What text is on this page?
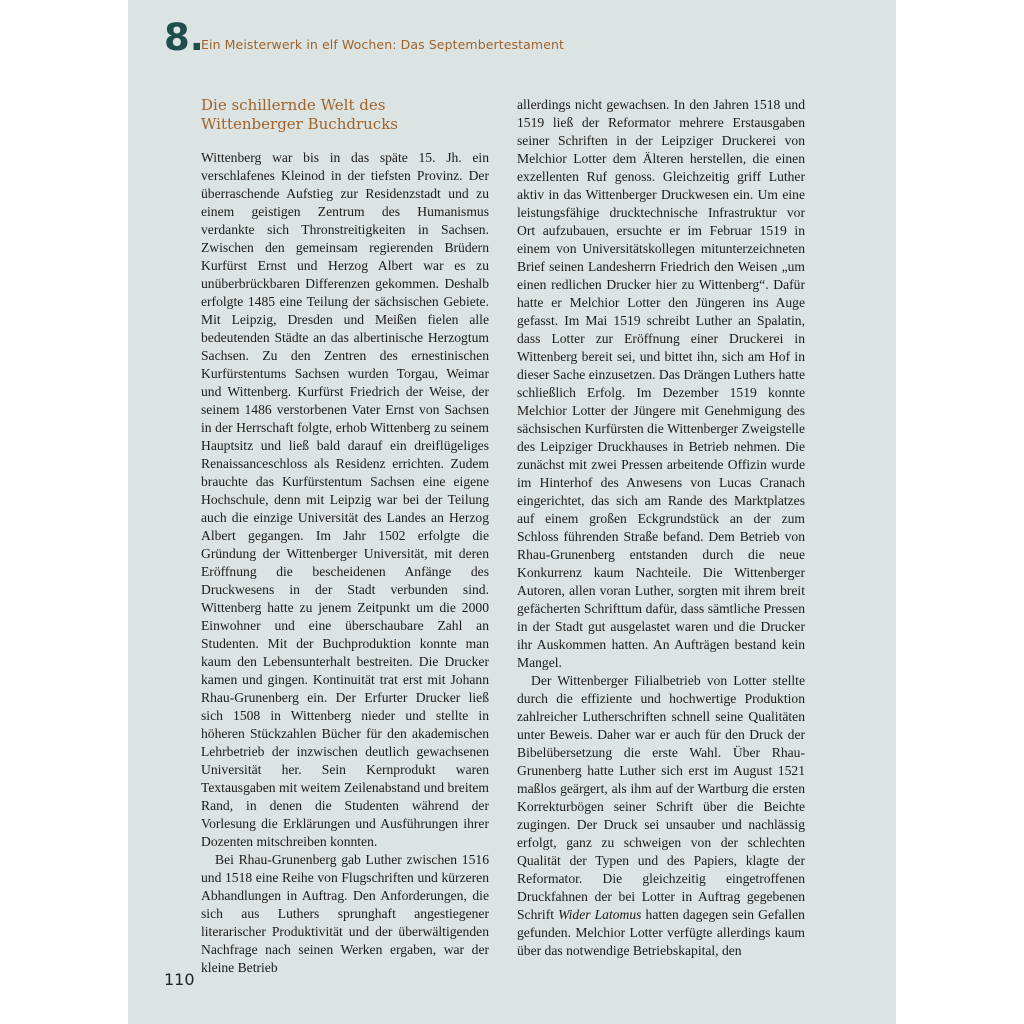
8.
Ein Meisterwerk in elf Wochen: Das Septembertestament
Die schillernde Welt des Wittenberger Buchdrucks

Wittenberg war bis in das späte 15. Jh. ein verschlafenes Kleinod in der tiefsten Provinz. Der überraschende Aufstieg zur Residenzstadt und zu einem geistigen Zentrum des Humanismus verdankte sich Thronstreitigkeiten in Sachsen. Zwischen den gemeinsam regierenden Brüdern Kurfürst Ernst und Herzog Albert war es zu unüberbrückbaren Differenzen gekommen. Deshalb erfolgte 1485 eine Teilung der sächsischen Gebiete. Mit Leipzig, Dresden und Meißen fielen alle bedeutenden Städte an das albertinische Herzogtum Sachsen. Zu den Zentren des ernestinischen Kurfürstentums Sachsen wurden Torgau, Weimar und Wittenberg. Kurfürst Friedrich der Weise, der seinem 1486 verstorbenen Vater Ernst von Sachsen in der Herrschaft folgte, erhob Wittenberg zu seinem Hauptsitz und ließ bald darauf ein dreiflügeliges Renaissanceschloss als Residenz errichten. Zudem brauchte das Kurfürstentum Sachsen eine eigene Hochschule, denn mit Leipzig war bei der Teilung auch die einzige Universität des Landes an Herzog Albert gegangen. Im Jahr 1502 erfolgte die Gründung der Wittenberger Universität, mit deren Eröffnung die bescheidenen Anfänge des Druckwesens in der Stadt verbunden sind. Wittenberg hatte zu jenem Zeitpunkt um die 2000 Einwohner und eine überschaubare Zahl an Studenten. Mit der Buchproduktion konnte man kaum den Lebensunterhalt bestreiten. Die Drucker kamen und gingen. Kontinuität trat erst mit Johann Rhau-Grunenberg ein. Der Erfurter Drucker ließ sich 1508 in Wittenberg nieder und stellte in höheren Stückzahlen Bücher für den akademischen Lehrbetrieb der inzwischen deutlich gewachsenen Universität her. Sein Kernprodukt waren Textausgaben mit weitem Zeilenabstand und breitem Rand, in denen die Studenten während der Vorlesung die Erklärungen und Ausführungen ihrer Dozenten mitschreiben konnten.

Bei Rhau-Grunenberg gab Luther zwischen 1516 und 1518 eine Reihe von Flugschriften und kürzeren Abhandlungen in Auftrag. Den Anforderungen, die sich aus Luthers sprunghaft angestiegener literarischer Produktivität und der überwältigenden Nachfrage nach seinen Werken ergaben, war der kleine Betrieb

allerdings nicht gewachsen. In den Jahren 1518 und 1519 ließ der Reformator mehrere Erstausgaben seiner Schriften in der Leipziger Druckerei von Melchior Lotter dem Älteren herstellen, die einen exzellenten Ruf genoss. Gleichzeitig griff Luther aktiv in das Wittenberger Druckwesen ein. Um eine leistungsfähige drucktechnische Infrastruktur vor Ort aufzubauen, ersuchte er im Februar 1519 in einem von Universitätskollegen mitunterzeichneten Brief seinen Landesherrn Friedrich den Weisen „um einen redlichen Drucker hier zu Wittenberg“. Dafür hatte er Melchior Lotter den Jüngeren ins Auge gefasst. Im Mai 1519 schreibt Luther an Spalatin, dass Lotter zur Eröffnung einer Druckerei in Wittenberg bereit sei, und bittet ihn, sich am Hof in dieser Sache einzusetzen. Das Drängen Luthers hatte schließlich Erfolg. Im Dezember 1519 konnte Melchior Lotter der Jüngere mit Genehmigung des sächsischen Kurfürsten die Wittenberger Zweigstelle des Leipziger Druckhauses in Betrieb nehmen. Die zunächst mit zwei Pressen arbeitende Offizin wurde im Hinterhof des Anwesens von Lucas Cranach eingerichtet, das sich am Rande des Marktplatzes auf einem großen Eckgrundstück an der zum Schloss führenden Straße befand. Dem Betrieb von Rhau-Grunenberg entstanden durch die neue Konkurrenz kaum Nachteile. Die Wittenberger Autoren, allen voran Luther, sorgten mit ihrem breit gefächerten Schrifttum dafür, dass sämtliche Pressen in der Stadt gut ausgelastet waren und die Drucker ihr Auskommen hatten. An Aufträgen bestand kein Mangel.

Der Wittenberger Filialbetrieb von Lotter stellte durch die effiziente und hochwertige Produktion zahlreicher Lutherschriften schnell seine Qualitäten unter Beweis. Daher war er auch für den Druck der Bibelübersetzung die erste Wahl. Über Rhau-Grunenberg hatte Luther sich erst im August 1521 maßlos geärgert, als ihm auf der Wartburg die ersten Korrekturbögen seiner Schrift über die Beichte zugingen. Der Druck sei unsauber und nachlässig erfolgt, ganz zu schweigen von der schlechten Qualität der Typen und des Papiers, klagte der Reformator. Die gleichzeitig eingetroffenen Druckfahnen der bei Lotter in Auftrag gegebenen Schrift Wider Latomus hatten dagegen sein Gefallen gefunden. Melchior Lotter verfügte allerdings kaum über das notwendige Betriebskapital, den

110
